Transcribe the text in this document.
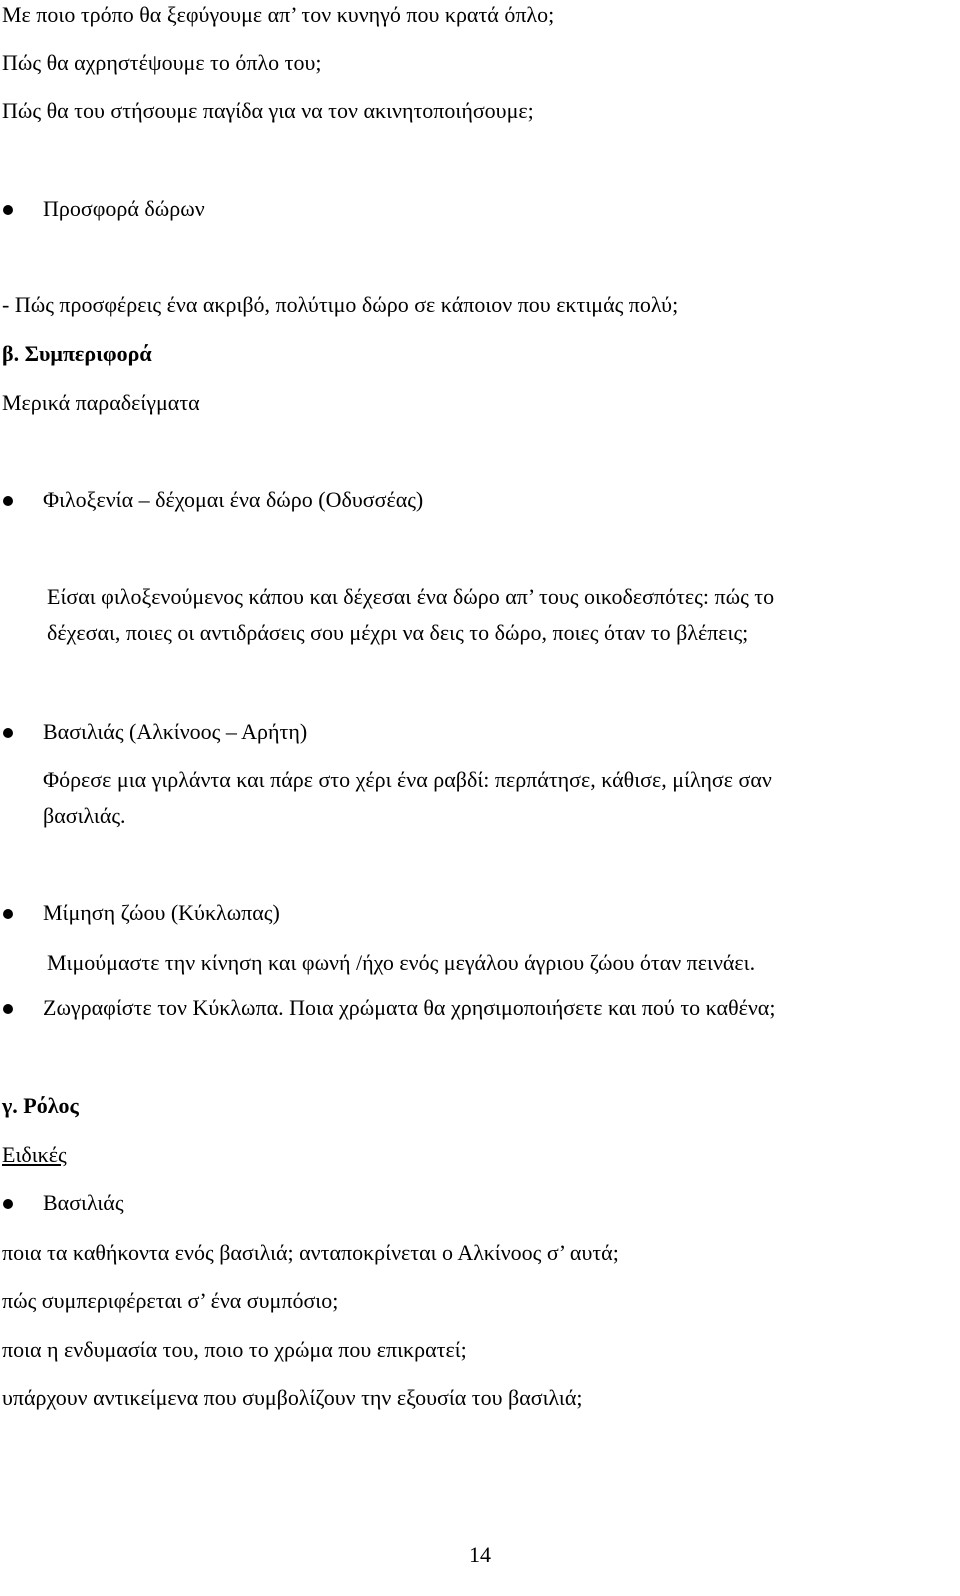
Με ποιο τρόπο θα ξεφύγουμε απ’ τον κυνηγό που κρατά όπλο;
Πώς θα αχρηστέψουμε το όπλο του;
Πώς θα του στήσουμε παγίδα για να τον ακινητοποιήσουμε;
Προσφορά δώρων
- Πώς προσφέρεις ένα ακριβό, πολύτιμο δώρο σε κάποιον που εκτιμάς πολύ;
β. Συμπεριφορά
Μερικά παραδείγματα
Φιλοξενία – δέχομαι ένα δώρο (Οδυσσέας)
Είσαι φιλοξενούμενος κάπου και δέχεσαι ένα δώρο απ’ τους οικοδεσπότες: πώς το
δέχεσαι, ποιες οι αντιδράσεις σου μέχρι να δεις το δώρο, ποιες όταν το βλέπεις;
Βασιλιάς (Αλκίνοος – Αρήτη)
Φόρεσε μια γιρλάντα και πάρε στο χέρι ένα ραβδί: περπάτησε, κάθισε, μίλησε σαν
βασιλιάς.
Μίμηση ζώου (Κύκλωπας)
Μιμούμαστε την κίνηση και φωνή /ήχο ενός μεγάλου άγριου ζώου όταν πεινάει.
Ζωγραφίστε τον Κύκλωπα. Ποια χρώματα θα χρησιμοποιήσετε και πού το καθένα;
γ. Ρόλος
Ειδικές
Βασιλιάς
ποια τα καθήκοντα ενός βασιλιά; ανταποκρίνεται ο Αλκίνοος σ’ αυτά;
πώς συμπεριφέρεται σ’ ένα συμπόσιο;
ποια η ενδυμασία του, ποιο το χρώμα που επικρατεί;
υπάρχουν αντικείμενα που συμβολίζουν την εξουσία του βασιλιά;
14
